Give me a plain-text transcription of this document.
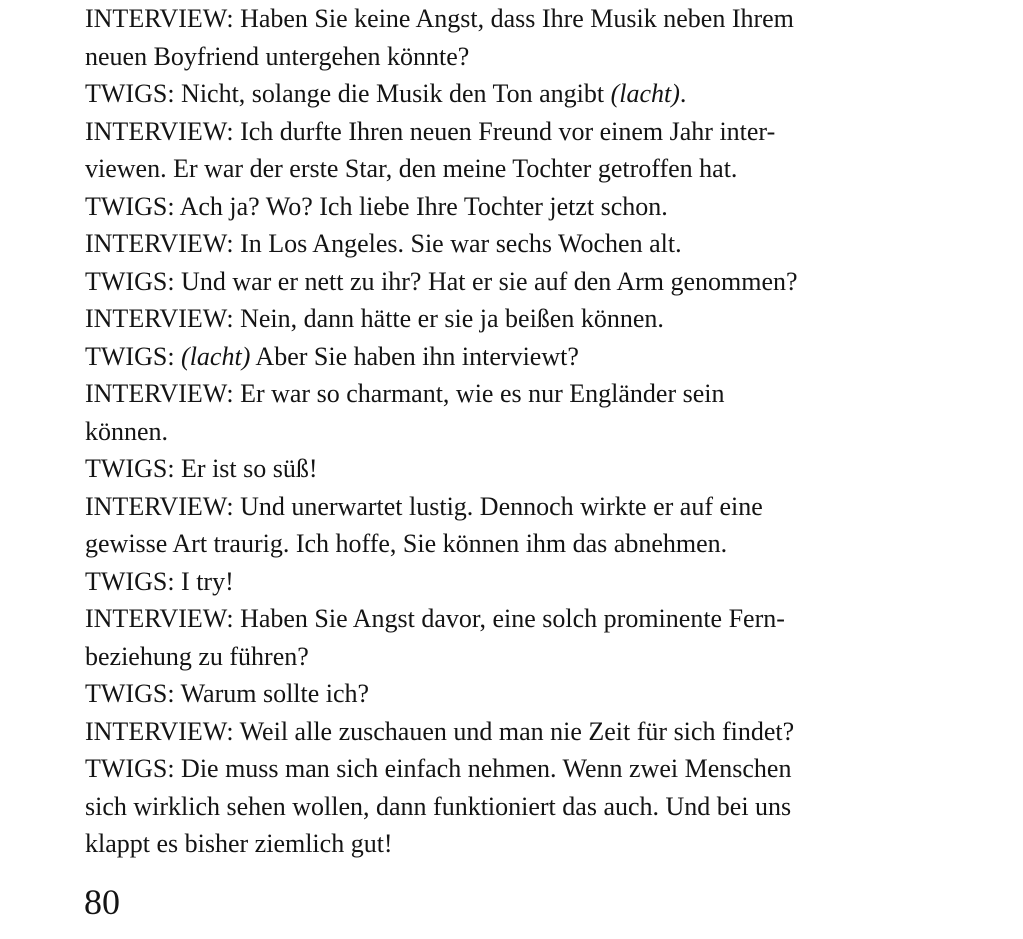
INTERVIEW: Haben Sie keine Angst, dass Ihre Musik neben Ihrem
neuen Boyfriend untergehen könnte?
TWIGS: Nicht, solange die Musik den Ton angibt (lacht).
INTERVIEW: Ich durfte Ihren neuen Freund vor einem Jahr inter-
viewen. Er war der erste Star, den meine Tochter getroffen hat.
TWIGS: Ach ja? Wo? Ich liebe Ihre Tochter jetzt schon.
INTERVIEW: In Los Angeles. Sie war sechs Wochen alt.
TWIGS: Und war er nett zu ihr? Hat er sie auf den Arm genommen?
INTERVIEW: Nein, dann hätte er sie ja beißen können.
TWIGS: (lacht) Aber Sie haben ihn interviewt?
INTERVIEW: Er war so charmant, wie es nur Engländer sein
können.
TWIGS: Er ist so süß!
INTERVIEW: Und unerwartet lustig. Dennoch wirkte er auf eine
gewisse Art traurig. Ich hoffe, Sie können ihm das abnehmen.
TWIGS: I try!
INTERVIEW: Haben Sie Angst davor, eine solch prominente Fern-
beziehung zu führen?
TWIGS: Warum sollte ich?
INTERVIEW: Weil alle zuschauen und man nie Zeit für sich findet?
TWIGS: Die muss man sich einfach nehmen. Wenn zwei Menschen
sich wirklich sehen wollen, dann funktioniert das auch. Und bei uns
klappt es bisher ziemlich gut!
80
